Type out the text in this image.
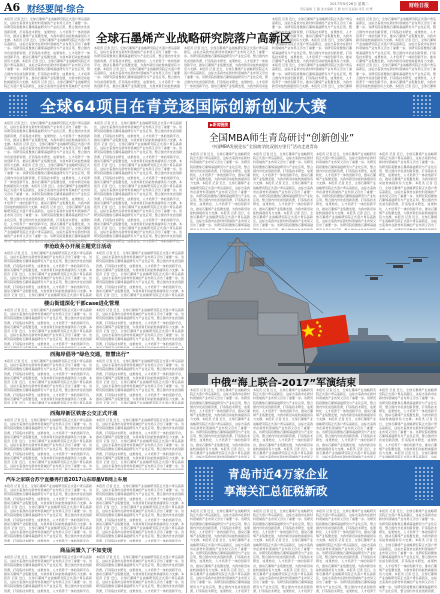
A6 财经要闻·综合
2017年9月26日 星期二
责任编辑 王 璐 美术编辑 王 静 校对 张丽丽 审签 刘 博	财经日报
本报讯 记者 近日，全球石墨烯产业战略研究院正式落户青岛高新区，这标志着我市在新材料领域的产业布局又迈出了重要一步。该研究院将聚焦石墨烯基础研究与产业化应用，整合国内外优质创新资源，打造集技术研发、成果转化、人才培养于一体的创新平台，推动石墨烯产业集聚发展，为我市新旧动能转换提供有力支撑。本报讯 记者 近日，全球石墨烯产业战略研究院正式落户青岛高新区，这标志着我市在新材料领域的产业布局又迈出了重要一步。该研究院将聚焦石墨烯基础研究与产业化应用，整合国内外优质创新资源，打造集技术研发、成果转化、人才培养于一体的创新平台，推动石墨烯产业集聚发展，为我市新旧动能转换提供有力支撑。本报讯 记者 近日，全球石墨烯产业战略研究院正式落户青岛高新区，这标志着我市在新材料领域的产业布局又迈出了重要一步。该研究院将聚焦石墨烯基础研究与产业化应用，整合国内外优质创新资源，打造集技术研发、成果转化、人才培养于一体的创新平台，推动石墨烯产业集聚发展，为我市新旧动能转换提供有力支撑。本报讯 记者 近日，全球石墨烯产业战略研究院正式落户青岛高新区，这标志着我市在新材料领域的产业布局又迈出了重要一步。该研究院将聚焦石墨烯基础研究与产业化应用，整合国内外优质创新资源，打造集技术研发、成果转化、人才培养于一体的创新平台，推动石墨烯产业集聚发展，为我市新旧动能转换提供有力支撑。本报讯 记者 近日，全球石墨烯产业战略研究院正式落户青岛高新区，这标志着我市在新材料领域的产业布局又迈出了重要一步。该研究院将聚焦石墨烯基础研究与产业化应用，整合国内外优质创新资源，打造集技术研发、成果转化、人才培养于一体的创新平台，推动石墨烯产业集聚发展，为我市新旧动能转换提供有力支撑。本报讯 记者 近日，全球石墨烯产业战略研究院正式落户青岛高新区，这标志着我市在新材料领域的产业布局又迈出了重要一步。该研究院将聚焦石墨烯基础研究与产业化应用，整合国内外优质创新资源，打造集技术研发、成果转化、人才培养于一体的创新平台，推动石墨烯产业集聚发展，为我市新旧动能转换提供有力支撑。
本报讯 记者 近日，全球石墨烯产业战略研究院正式落户青岛高新区，这标志着我市在新材料领域的产业布局又迈出了重要一步。该研究院将聚焦石墨烯基础研究与产业化应用，整合国内外优质创新资源，打造集技术研发、成果转化、人才培养于一体的创新平台，推动石墨烯产业集聚发展，为我市新旧动能转换提供有力支撑。本报讯 记者 近日，全球石墨烯产业战略研究院正式落户青岛高新区，这标志着我市在新材料领域的产业布局又迈出了重要一步。该研究院将聚焦石墨烯基础研究与产业化应用，整合国内外优质创新资源，打造集技术研发、成果转化、人才培养于一体的创新平台，推动石墨烯产业集聚发展，为我市新旧动能转换提供有力支撑。本报讯 记者 近日，全球石墨烯产业战略研究院正式落户青岛高新区，这标志着我市在新材料领域的产业布局又迈出了重要一步。该研究院将聚焦石墨烯基础研究与产业化应用，整合国内外优质创新资源，打造集技术研发、成果转化、人才培养于一体的创新平台，推动石墨烯产业集聚发展，为我市新旧动能转换提供有力支撑。本报讯 记者 近日，全球石墨烯产业战略研究院正式落户青岛高新区，这标志着我市在新材料领域的产业布局又迈出了重要一步。该研究院将聚焦石墨烯基础研究与产业化应用，整合国内外优质创新资源，打造集技术研发、成果转化、人才培养于一体的创新平台，推动石墨烯产业集聚发展，为我市新旧动能转换提供有力支撑。本报讯 记者 近日，全球石墨烯产业战略研究院正式落户青岛高新区，这标志着我市在新材料领域的产业布局又迈出了重要一步。该研究院将聚焦石墨烯基础研究与产业化应用，整合国内外优质创新资源，打造集技术研发、成果转化、人才培养于一体的创新平台，推动石墨烯产业集聚发展，为我市新旧动能转换提供有力支撑。本报讯 记者 近日，全球石墨烯产业战略研究院正式落户青岛高新区，这标志着我市在新材料领域的产业布局又迈出了重要一步。该研究院将聚焦石墨烯基础研究与产业化应用，整合国内外优质创新资源，打造集技术研发、成果转化、人才培养于一体的创新平台，推动石墨烯产业集聚发展，为我市新旧动能转换提供有力支撑。
本报讯 记者 近日，全球石墨烯产业战略研究院正式落户青岛高新区，这标志着我市在新材料领域的产业布局又迈出了重要一步。该研究院将聚焦石墨烯基础研究与产业化应用，整合国内外优质创新资源，打造集技术研发、成果转化、人才培养于一体的创新平台，推动石墨烯产业集聚发展，为我市新旧动能转换提供有力支撑。本报讯 记者 近日，全球石墨烯产业战略研究院正式落户青岛高新区，这标志着我市在新材料领域的产业布局又迈出了重要一步。该研究院将聚焦石墨烯基础研究与产业化应用，整合国内外优质创新资源，打造集技术研发、成果转化、人才培养于一体的创新平台，推动石墨烯产业集聚发展，为我市新旧动能转换提供有力支撑。本报讯 记者 近日，全球石墨烯产业战略研究院正式落户青岛高新区，这标志着我市在新材料领域的产业布局又迈出了重要一步。该研究院将聚焦石墨烯基础研究与产业化应用，整合国内外优质创新资源，打造集技术研发、成果转化、人才培养于一体的创新平台，推动石墨烯产业集聚发展，为我市新旧动能转换提供有力支撑。本报讯 记者 近日，全球石墨烯产业战略研究院正式落户青岛高新区，这标志着我市在新材料领域的产业布局又迈出了重要一步。该研究院将聚焦石墨烯基础研究与产业化应用，整合国内外优质创新资源，打造集技术研发、成果转化、人才培养于一体的创新平台，推动石墨烯产业集聚发展，为我市新旧动能转换提供有力支撑。本报讯 记者 近日，全球石墨烯产业战略研究院正式落户青岛高新区，这标志着我市在新材料领域的产业布局又迈出了重要一步。该研究院将聚焦石墨烯基础研究与产业化应用，整合国内外优质创新资源，打造集技术研发、成果转化、人才培养于一体的创新平台，推动石墨烯产业集聚发展，为我市新旧动能转换提供有力支撑。本报讯 记者 近日，全球石墨烯产业战略研究院正式落户青岛高新区，这标志着我市在新材料领域的产业布局又迈出了重要一步。该研究院将聚焦石墨烯基础研究与产业化应用，整合国内外优质创新资源，打造集技术研发、成果转化、人才培养于一体的创新平台，推动石墨烯产业集聚发展，为我市新旧动能转换提供有力支撑。
本报讯 记者 近日，全球石墨烯产业战略研究院正式落户青岛高新区，这标志着我市在新材料领域的产业布局又迈出了重要一步。该研究院将聚焦石墨烯基础研究与产业化应用，整合国内外优质创新资源，打造集技术研发、成果转化、人才培养于一体的创新平台，推动石墨烯产业集聚发展，为我市新旧动能转换提供有力支撑。本报讯 记者 近日，全球石墨烯产业战略研究院正式落户青岛高新区，这标志着我市在新材料领域的产业布局又迈出了重要一步。该研究院将聚焦石墨烯基础研究与产业化应用，整合国内外优质创新资源，打造集技术研发、成果转化、人才培养于一体的创新平台，推动石墨烯产业集聚发展，为我市新旧动能转换提供有力支撑。本报讯 记者 近日，全球石墨烯产业战略研究院正式落户青岛高新区，这标志着我市在新材料领域的产业布局又迈出了重要一步。该研究院将聚焦石墨烯基础研究与产业化应用，整合国内外优质创新资源，打造集技术研发、成果转化、人才培养于一体的创新平台，推动石墨烯产业集聚发展，为我市新旧动能转换提供有力支撑。本报讯 记者 近日，全球石墨烯产业战略研究院正式落户青岛高新区，这标志着我市在新材料领域的产业布局又迈出了重要一步。该研究院将聚焦石墨烯基础研究与产业化应用，整合国内外优质创新资源，打造集技术研发、成果转化、人才培养于一体的创新平台，推动石墨烯产业集聚发展，为我市新旧动能转换提供有力支撑。本报讯 记者 近日，全球石墨烯产业战略研究院正式落户青岛高新区，这标志着我市在新材料领域的产业布局又迈出了重要一步。该研究院将聚焦石墨烯基础研究与产业化应用，整合国内外优质创新资源，打造集技术研发、成果转化、人才培养于一体的创新平台，推动石墨烯产业集聚发展，为我市新旧动能转换提供有力支撑。本报讯 记者 近日，全球石墨烯产业战略研究院正式落户青岛高新区，这标志着我市在新材料领域的产业布局又迈出了重要一步。该研究院将聚焦石墨烯基础研究与产业化应用，整合国内外优质创新资源，打造集技术研发、成果转化、人才培养于一体的创新平台，推动石墨烯产业集聚发展，为我市新旧动能转换提供有力支撑。
本报讯 记者 近日，全球石墨烯产业战略研究院正式落户青岛高新区，这标志着我市在新材料领域的产业布局又迈出了重要一步。该研究院将聚焦石墨烯基础研究与产业化应用，整合国内外优质创新资源，打造集技术研发、成果转化、人才培养于一体的创新平台，推动石墨烯产业集聚发展，为我市新旧动能转换提供有力支撑。本报讯 记者 近日，全球石墨烯产业战略研究院正式落户青岛高新区，这标志着我市在新材料领域的产业布局又迈出了重要一步。该研究院将聚焦石墨烯基础研究与产业化应用，整合国内外优质创新资源，打造集技术研发、成果转化、人才培养于一体的创新平台，推动石墨烯产业集聚发展，为我市新旧动能转换提供有力支撑。本报讯 记者 近日，全球石墨烯产业战略研究院正式落户青岛高新区，这标志着我市在新材料领域的产业布局又迈出了重要一步。该研究院将聚焦石墨烯基础研究与产业化应用，整合国内外优质创新资源，打造集技术研发、成果转化、人才培养于一体的创新平台，推动石墨烯产业集聚发展，为我市新旧动能转换提供有力支撑。本报讯 记者 近日，全球石墨烯产业战略研究院正式落户青岛高新区，这标志着我市在新材料领域的产业布局又迈出了重要一步。该研究院将聚焦石墨烯基础研究与产业化应用，整合国内外优质创新资源，打造集技术研发、成果转化、人才培养于一体的创新平台，推动石墨烯产业集聚发展，为我市新旧动能转换提供有力支撑。本报讯 记者 近日，全球石墨烯产业战略研究院正式落户青岛高新区，这标志着我市在新材料领域的产业布局又迈出了重要一步。该研究院将聚焦石墨烯基础研究与产业化应用，整合国内外优质创新资源，打造集技术研发、成果转化、人才培养于一体的创新平台，推动石墨烯产业集聚发展，为我市新旧动能转换提供有力支撑。本报讯 记者 近日，全球石墨烯产业战略研究院正式落户青岛高新区，这标志着我市在新材料领域的产业布局又迈出了重要一步。该研究院将聚焦石墨烯基础研究与产业化应用，整合国内外优质创新资源，打造集技术研发、成果转化、人才培养于一体的创新平台，推动石墨烯产业集聚发展，为我市新旧动能转换提供有力支撑。
全球石墨烯产业战略研究院落户高新区
全球64项目在青竞逐国际创新创业大赛
本报讯 记者 近日，全球石墨烯产业战略研究院正式落户青岛高新区，这标志着我市在新材料领域的产业布局又迈出了重要一步。该研究院将聚焦石墨烯基础研究与产业化应用，整合国内外优质创新资源，打造集技术研发、成果转化、人才培养于一体的创新平台，推动石墨烯产业集聚发展，为我市新旧动能转换提供有力支撑。本报讯 记者 近日，全球石墨烯产业战略研究院正式落户青岛高新区，这标志着我市在新材料领域的产业布局又迈出了重要一步。该研究院将聚焦石墨烯基础研究与产业化应用，整合国内外优质创新资源，打造集技术研发、成果转化、人才培养于一体的创新平台，推动石墨烯产业集聚发展，为我市新旧动能转换提供有力支撑。本报讯 记者 近日，全球石墨烯产业战略研究院正式落户青岛高新区，这标志着我市在新材料领域的产业布局又迈出了重要一步。该研究院将聚焦石墨烯基础研究与产业化应用，整合国内外优质创新资源，打造集技术研发、成果转化、人才培养于一体的创新平台，推动石墨烯产业集聚发展，为我市新旧动能转换提供有力支撑。本报讯 记者 近日，全球石墨烯产业战略研究院正式落户青岛高新区，这标志着我市在新材料领域的产业布局又迈出了重要一步。该研究院将聚焦石墨烯基础研究与产业化应用，整合国内外优质创新资源，打造集技术研发、成果转化、人才培养于一体的创新平台，推动石墨烯产业集聚发展，为我市新旧动能转换提供有力支撑。本报讯 记者 近日，全球石墨烯产业战略研究院正式落户青岛高新区，这标志着我市在新材料领域的产业布局又迈出了重要一步。该研究院将聚焦石墨烯基础研究与产业化应用，整合国内外优质创新资源，打造集技术研发、成果转化、人才培养于一体的创新平台，推动石墨烯产业集聚发展，为我市新旧动能转换提供有力支撑。本报讯 记者 近日，全球石墨烯产业战略研究院正式落户青岛高新区，这标志着我市在新材料领域的产业布局又迈出了重要一步。该研究院将聚焦石墨烯基础研究与产业化应用，整合国内外优质创新资源，打造集技术研发、成果转化、人才培养于一体的创新平台，推动石墨烯产业集聚发展，为我市新旧动能转换提供有力支撑。
本报讯 记者 近日，全球石墨烯产业战略研究院正式落户青岛高新区，这标志着我市在新材料领域的产业布局又迈出了重要一步。该研究院将聚焦石墨烯基础研究与产业化应用，整合国内外优质创新资源，打造集技术研发、成果转化、人才培养于一体的创新平台，推动石墨烯产业集聚发展，为我市新旧动能转换提供有力支撑。本报讯 记者 近日，全球石墨烯产业战略研究院正式落户青岛高新区，这标志着我市在新材料领域的产业布局又迈出了重要一步。该研究院将聚焦石墨烯基础研究与产业化应用，整合国内外优质创新资源，打造集技术研发、成果转化、人才培养于一体的创新平台，推动石墨烯产业集聚发展，为我市新旧动能转换提供有力支撑。本报讯 记者 近日，全球石墨烯产业战略研究院正式落户青岛高新区，这标志着我市在新材料领域的产业布局又迈出了重要一步。该研究院将聚焦石墨烯基础研究与产业化应用，整合国内外优质创新资源，打造集技术研发、成果转化、人才培养于一体的创新平台，推动石墨烯产业集聚发展，为我市新旧动能转换提供有力支撑。本报讯 记者 近日，全球石墨烯产业战略研究院正式落户青岛高新区，这标志着我市在新材料领域的产业布局又迈出了重要一步。该研究院将聚焦石墨烯基础研究与产业化应用，整合国内外优质创新资源，打造集技术研发、成果转化、人才培养于一体的创新平台，推动石墨烯产业集聚发展，为我市新旧动能转换提供有力支撑。本报讯 记者 近日，全球石墨烯产业战略研究院正式落户青岛高新区，这标志着我市在新材料领域的产业布局又迈出了重要一步。该研究院将聚焦石墨烯基础研究与产业化应用，整合国内外优质创新资源，打造集技术研发、成果转化、人才培养于一体的创新平台，推动石墨烯产业集聚发展，为我市新旧动能转换提供有力支撑。本报讯 记者 近日，全球石墨烯产业战略研究院正式落户青岛高新区，这标志着我市在新材料领域的产业布局又迈出了重要一步。该研究院将聚焦石墨烯基础研究与产业化应用，整合国内外优质创新资源，打造集技术研发、成果转化、人才培养于一体的创新平台，推动石墨烯产业集聚发展，为我市新旧动能转换提供有力支撑。
李沧政务办开展主题党日活动
本报讯 记者 近日，全球石墨烯产业战略研究院正式落户青岛高新区，这标志着我市在新材料领域的产业布局又迈出了重要一步。该研究院将聚焦石墨烯基础研究与产业化应用，整合国内外优质创新资源，打造集技术研发、成果转化、人才培养于一体的创新平台，推动石墨烯产业集聚发展，为我市新旧动能转换提供有力支撑。本报讯 记者 近日，全球石墨烯产业战略研究院正式落户青岛高新区，这标志着我市在新材料领域的产业布局又迈出了重要一步。该研究院将聚焦石墨烯基础研究与产业化应用，整合国内外优质创新资源，打造集技术研发、成果转化、人才培养于一体的创新平台，推动石墨烯产业集聚发展，为我市新旧动能转换提供有力支撑。本报讯 记者 近日，全球石墨烯产业战略研究院正式落户青岛高新区，这标志着我市在新材料领域的产业布局又迈出了重要一步。该研究院将聚焦石墨烯基础研究与产业化应用，整合国内外优质创新资源，打造集技术研发、成果转化、人才培养于一体的创新平台，推动石墨烯产业集聚发展，为我市新旧动能转换提供有力支撑。本报讯 记者 近日，全球石墨烯产业战略研究院正式落户青岛高新区，这标志着我市在新材料领域的产业布局又迈出了重要一步。该研究院将聚焦石墨烯基础研究与产业化应用，整合国内外优质创新资源，打造集技术研发、成果转化、人才培养于一体的创新平台，推动石墨烯产业集聚发展，为我市新旧动能转换提供有力支撑。本报讯 记者 近日，全球石墨烯产业战略研究院正式落户青岛高新区，这标志着我市在新材料领域的产业布局又迈出了重要一步。该研究院将聚焦石墨烯基础研究与产业化应用，整合国内外优质创新资源，打造集技术研发、成果转化、人才培养于一体的创新平台，推动石墨烯产业集聚发展，为我市新旧动能转换提供有力支撑。本报讯 记者 近日，全球石墨烯产业战略研究院正式落户青岛高新区，这标志着我市在新材料领域的产业布局又迈出了重要一步。该研究院将聚焦石墨烯基础研究与产业化应用，整合国内外优质创新资源，打造集技术研发、成果转化、人才培养于一体的创新平台，推动石墨烯产业集聚发展，为我市新旧动能转换提供有力支撑。
本报讯 记者 近日，全球石墨烯产业战略研究院正式落户青岛高新区，这标志着我市在新材料领域的产业布局又迈出了重要一步。该研究院将聚焦石墨烯基础研究与产业化应用，整合国内外优质创新资源，打造集技术研发、成果转化、人才培养于一体的创新平台，推动石墨烯产业集聚发展，为我市新旧动能转换提供有力支撑。本报讯 记者 近日，全球石墨烯产业战略研究院正式落户青岛高新区，这标志着我市在新材料领域的产业布局又迈出了重要一步。该研究院将聚焦石墨烯基础研究与产业化应用，整合国内外优质创新资源，打造集技术研发、成果转化、人才培养于一体的创新平台，推动石墨烯产业集聚发展，为我市新旧动能转换提供有力支撑。本报讯 记者 近日，全球石墨烯产业战略研究院正式落户青岛高新区，这标志着我市在新材料领域的产业布局又迈出了重要一步。该研究院将聚焦石墨烯基础研究与产业化应用，整合国内外优质创新资源，打造集技术研发、成果转化、人才培养于一体的创新平台，推动石墨烯产业集聚发展，为我市新旧动能转换提供有力支撑。本报讯 记者 近日，全球石墨烯产业战略研究院正式落户青岛高新区，这标志着我市在新材料领域的产业布局又迈出了重要一步。该研究院将聚焦石墨烯基础研究与产业化应用，整合国内外优质创新资源，打造集技术研发、成果转化、人才培养于一体的创新平台，推动石墨烯产业集聚发展，为我市新旧动能转换提供有力支撑。本报讯 记者 近日，全球石墨烯产业战略研究院正式落户青岛高新区，这标志着我市在新材料领域的产业布局又迈出了重要一步。该研究院将聚焦石墨烯基础研究与产业化应用，整合国内外优质创新资源，打造集技术研发、成果转化、人才培养于一体的创新平台，推动石墨烯产业集聚发展，为我市新旧动能转换提供有力支撑。本报讯 记者 近日，全球石墨烯产业战略研究院正式落户青岛高新区，这标志着我市在新材料领域的产业布局又迈出了重要一步。该研究院将聚焦石墨烯基础研究与产业化应用，整合国内外优质创新资源，打造集技术研发、成果转化、人才培养于一体的创新平台，推动石墨烯产业集聚发展，为我市新旧动能转换提供有力支撑。
楼山街道深化干部case进化管理
本报讯 记者 近日，全球石墨烯产业战略研究院正式落户青岛高新区，这标志着我市在新材料领域的产业布局又迈出了重要一步。该研究院将聚焦石墨烯基础研究与产业化应用，整合国内外优质创新资源，打造集技术研发、成果转化、人才培养于一体的创新平台，推动石墨烯产业集聚发展，为我市新旧动能转换提供有力支撑。本报讯 记者 近日，全球石墨烯产业战略研究院正式落户青岛高新区，这标志着我市在新材料领域的产业布局又迈出了重要一步。该研究院将聚焦石墨烯基础研究与产业化应用，整合国内外优质创新资源，打造集技术研发、成果转化、人才培养于一体的创新平台，推动石墨烯产业集聚发展，为我市新旧动能转换提供有力支撑。本报讯 记者 近日，全球石墨烯产业战略研究院正式落户青岛高新区，这标志着我市在新材料领域的产业布局又迈出了重要一步。该研究院将聚焦石墨烯基础研究与产业化应用，整合国内外优质创新资源，打造集技术研发、成果转化、人才培养于一体的创新平台，推动石墨烯产业集聚发展，为我市新旧动能转换提供有力支撑。本报讯 记者 近日，全球石墨烯产业战略研究院正式落户青岛高新区，这标志着我市在新材料领域的产业布局又迈出了重要一步。该研究院将聚焦石墨烯基础研究与产业化应用，整合国内外优质创新资源，打造集技术研发、成果转化、人才培养于一体的创新平台，推动石墨烯产业集聚发展，为我市新旧动能转换提供有力支撑。本报讯 记者 近日，全球石墨烯产业战略研究院正式落户青岛高新区，这标志着我市在新材料领域的产业布局又迈出了重要一步。该研究院将聚焦石墨烯基础研究与产业化应用，整合国内外优质创新资源，打造集技术研发、成果转化、人才培养于一体的创新平台，推动石墨烯产业集聚发展，为我市新旧动能转换提供有力支撑。本报讯 记者 近日，全球石墨烯产业战略研究院正式落户青岛高新区，这标志着我市在新材料领域的产业布局又迈出了重要一步。该研究院将聚焦石墨烯基础研究与产业化应用，整合国内外优质创新资源，打造集技术研发、成果转化、人才培养于一体的创新平台，推动石墨烯产业集聚发展，为我市新旧动能转换提供有力支撑。
本报讯 记者 近日，全球石墨烯产业战略研究院正式落户青岛高新区，这标志着我市在新材料领域的产业布局又迈出了重要一步。该研究院将聚焦石墨烯基础研究与产业化应用，整合国内外优质创新资源，打造集技术研发、成果转化、人才培养于一体的创新平台，推动石墨烯产业集聚发展，为我市新旧动能转换提供有力支撑。本报讯 记者 近日，全球石墨烯产业战略研究院正式落户青岛高新区，这标志着我市在新材料领域的产业布局又迈出了重要一步。该研究院将聚焦石墨烯基础研究与产业化应用，整合国内外优质创新资源，打造集技术研发、成果转化、人才培养于一体的创新平台，推动石墨烯产业集聚发展，为我市新旧动能转换提供有力支撑。本报讯 记者 近日，全球石墨烯产业战略研究院正式落户青岛高新区，这标志着我市在新材料领域的产业布局又迈出了重要一步。该研究院将聚焦石墨烯基础研究与产业化应用，整合国内外优质创新资源，打造集技术研发、成果转化、人才培养于一体的创新平台，推动石墨烯产业集聚发展，为我市新旧动能转换提供有力支撑。本报讯 记者 近日，全球石墨烯产业战略研究院正式落户青岛高新区，这标志着我市在新材料领域的产业布局又迈出了重要一步。该研究院将聚焦石墨烯基础研究与产业化应用，整合国内外优质创新资源，打造集技术研发、成果转化、人才培养于一体的创新平台，推动石墨烯产业集聚发展，为我市新旧动能转换提供有力支撑。本报讯 记者 近日，全球石墨烯产业战略研究院正式落户青岛高新区，这标志着我市在新材料领域的产业布局又迈出了重要一步。该研究院将聚焦石墨烯基础研究与产业化应用，整合国内外优质创新资源，打造集技术研发、成果转化、人才培养于一体的创新平台，推动石墨烯产业集聚发展，为我市新旧动能转换提供有力支撑。本报讯 记者 近日，全球石墨烯产业战略研究院正式落户青岛高新区，这标志着我市在新材料领域的产业布局又迈出了重要一步。该研究院将聚焦石墨烯基础研究与产业化应用，整合国内外优质创新资源，打造集技术研发、成果转化、人才培养于一体的创新平台，推动石墨烯产业集聚发展，为我市新旧动能转换提供有力支撑。
西海岸倡导“绿色交通，智慧出行”
本报讯 记者 近日，全球石墨烯产业战略研究院正式落户青岛高新区，这标志着我市在新材料领域的产业布局又迈出了重要一步。该研究院将聚焦石墨烯基础研究与产业化应用，整合国内外优质创新资源，打造集技术研发、成果转化、人才培养于一体的创新平台，推动石墨烯产业集聚发展，为我市新旧动能转换提供有力支撑。本报讯 记者 近日，全球石墨烯产业战略研究院正式落户青岛高新区，这标志着我市在新材料领域的产业布局又迈出了重要一步。该研究院将聚焦石墨烯基础研究与产业化应用，整合国内外优质创新资源，打造集技术研发、成果转化、人才培养于一体的创新平台，推动石墨烯产业集聚发展，为我市新旧动能转换提供有力支撑。本报讯 记者 近日，全球石墨烯产业战略研究院正式落户青岛高新区，这标志着我市在新材料领域的产业布局又迈出了重要一步。该研究院将聚焦石墨烯基础研究与产业化应用，整合国内外优质创新资源，打造集技术研发、成果转化、人才培养于一体的创新平台，推动石墨烯产业集聚发展，为我市新旧动能转换提供有力支撑。本报讯 记者 近日，全球石墨烯产业战略研究院正式落户青岛高新区，这标志着我市在新材料领域的产业布局又迈出了重要一步。该研究院将聚焦石墨烯基础研究与产业化应用，整合国内外优质创新资源，打造集技术研发、成果转化、人才培养于一体的创新平台，推动石墨烯产业集聚发展，为我市新旧动能转换提供有力支撑。本报讯 记者 近日，全球石墨烯产业战略研究院正式落户青岛高新区，这标志着我市在新材料领域的产业布局又迈出了重要一步。该研究院将聚焦石墨烯基础研究与产业化应用，整合国内外优质创新资源，打造集技术研发、成果转化、人才培养于一体的创新平台，推动石墨烯产业集聚发展，为我市新旧动能转换提供有力支撑。本报讯 记者 近日，全球石墨烯产业战略研究院正式落户青岛高新区，这标志着我市在新材料领域的产业布局又迈出了重要一步。该研究院将聚焦石墨烯基础研究与产业化应用，整合国内外优质创新资源，打造集技术研发、成果转化、人才培养于一体的创新平台，推动石墨烯产业集聚发展，为我市新旧动能转换提供有力支撑。
本报讯 记者 近日，全球石墨烯产业战略研究院正式落户青岛高新区，这标志着我市在新材料领域的产业布局又迈出了重要一步。该研究院将聚焦石墨烯基础研究与产业化应用，整合国内外优质创新资源，打造集技术研发、成果转化、人才培养于一体的创新平台，推动石墨烯产业集聚发展，为我市新旧动能转换提供有力支撑。本报讯 记者 近日，全球石墨烯产业战略研究院正式落户青岛高新区，这标志着我市在新材料领域的产业布局又迈出了重要一步。该研究院将聚焦石墨烯基础研究与产业化应用，整合国内外优质创新资源，打造集技术研发、成果转化、人才培养于一体的创新平台，推动石墨烯产业集聚发展，为我市新旧动能转换提供有力支撑。本报讯 记者 近日，全球石墨烯产业战略研究院正式落户青岛高新区，这标志着我市在新材料领域的产业布局又迈出了重要一步。该研究院将聚焦石墨烯基础研究与产业化应用，整合国内外优质创新资源，打造集技术研发、成果转化、人才培养于一体的创新平台，推动石墨烯产业集聚发展，为我市新旧动能转换提供有力支撑。本报讯 记者 近日，全球石墨烯产业战略研究院正式落户青岛高新区，这标志着我市在新材料领域的产业布局又迈出了重要一步。该研究院将聚焦石墨烯基础研究与产业化应用，整合国内外优质创新资源，打造集技术研发、成果转化、人才培养于一体的创新平台，推动石墨烯产业集聚发展，为我市新旧动能转换提供有力支撑。本报讯 记者 近日，全球石墨烯产业战略研究院正式落户青岛高新区，这标志着我市在新材料领域的产业布局又迈出了重要一步。该研究院将聚焦石墨烯基础研究与产业化应用，整合国内外优质创新资源，打造集技术研发、成果转化、人才培养于一体的创新平台，推动石墨烯产业集聚发展，为我市新旧动能转换提供有力支撑。本报讯 记者 近日，全球石墨烯产业战略研究院正式落户青岛高新区，这标志着我市在新材料领域的产业布局又迈出了重要一步。该研究院将聚焦石墨烯基础研究与产业化应用，整合国内外优质创新资源，打造集技术研发、成果转化、人才培养于一体的创新平台，推动石墨烯产业集聚发展，为我市新旧动能转换提供有力支撑。
西海岸新区铁客公交正式开通
本报讯 记者 近日，全球石墨烯产业战略研究院正式落户青岛高新区，这标志着我市在新材料领域的产业布局又迈出了重要一步。该研究院将聚焦石墨烯基础研究与产业化应用，整合国内外优质创新资源，打造集技术研发、成果转化、人才培养于一体的创新平台，推动石墨烯产业集聚发展，为我市新旧动能转换提供有力支撑。本报讯 记者 近日，全球石墨烯产业战略研究院正式落户青岛高新区，这标志着我市在新材料领域的产业布局又迈出了重要一步。该研究院将聚焦石墨烯基础研究与产业化应用，整合国内外优质创新资源，打造集技术研发、成果转化、人才培养于一体的创新平台，推动石墨烯产业集聚发展，为我市新旧动能转换提供有力支撑。本报讯 记者 近日，全球石墨烯产业战略研究院正式落户青岛高新区，这标志着我市在新材料领域的产业布局又迈出了重要一步。该研究院将聚焦石墨烯基础研究与产业化应用，整合国内外优质创新资源，打造集技术研发、成果转化、人才培养于一体的创新平台，推动石墨烯产业集聚发展，为我市新旧动能转换提供有力支撑。本报讯 记者 近日，全球石墨烯产业战略研究院正式落户青岛高新区，这标志着我市在新材料领域的产业布局又迈出了重要一步。该研究院将聚焦石墨烯基础研究与产业化应用，整合国内外优质创新资源，打造集技术研发、成果转化、人才培养于一体的创新平台，推动石墨烯产业集聚发展，为我市新旧动能转换提供有力支撑。本报讯 记者 近日，全球石墨烯产业战略研究院正式落户青岛高新区，这标志着我市在新材料领域的产业布局又迈出了重要一步。该研究院将聚焦石墨烯基础研究与产业化应用，整合国内外优质创新资源，打造集技术研发、成果转化、人才培养于一体的创新平台，推动石墨烯产业集聚发展，为我市新旧动能转换提供有力支撑。本报讯 记者 近日，全球石墨烯产业战略研究院正式落户青岛高新区，这标志着我市在新材料领域的产业布局又迈出了重要一步。该研究院将聚焦石墨烯基础研究与产业化应用，整合国内外优质创新资源，打造集技术研发、成果转化、人才培养于一体的创新平台，推动石墨烯产业集聚发展，为我市新旧动能转换提供有力支撑。
本报讯 记者 近日，全球石墨烯产业战略研究院正式落户青岛高新区，这标志着我市在新材料领域的产业布局又迈出了重要一步。该研究院将聚焦石墨烯基础研究与产业化应用，整合国内外优质创新资源，打造集技术研发、成果转化、人才培养于一体的创新平台，推动石墨烯产业集聚发展，为我市新旧动能转换提供有力支撑。本报讯 记者 近日，全球石墨烯产业战略研究院正式落户青岛高新区，这标志着我市在新材料领域的产业布局又迈出了重要一步。该研究院将聚焦石墨烯基础研究与产业化应用，整合国内外优质创新资源，打造集技术研发、成果转化、人才培养于一体的创新平台，推动石墨烯产业集聚发展，为我市新旧动能转换提供有力支撑。本报讯 记者 近日，全球石墨烯产业战略研究院正式落户青岛高新区，这标志着我市在新材料领域的产业布局又迈出了重要一步。该研究院将聚焦石墨烯基础研究与产业化应用，整合国内外优质创新资源，打造集技术研发、成果转化、人才培养于一体的创新平台，推动石墨烯产业集聚发展，为我市新旧动能转换提供有力支撑。本报讯 记者 近日，全球石墨烯产业战略研究院正式落户青岛高新区，这标志着我市在新材料领域的产业布局又迈出了重要一步。该研究院将聚焦石墨烯基础研究与产业化应用，整合国内外优质创新资源，打造集技术研发、成果转化、人才培养于一体的创新平台，推动石墨烯产业集聚发展，为我市新旧动能转换提供有力支撑。本报讯 记者 近日，全球石墨烯产业战略研究院正式落户青岛高新区，这标志着我市在新材料领域的产业布局又迈出了重要一步。该研究院将聚焦石墨烯基础研究与产业化应用，整合国内外优质创新资源，打造集技术研发、成果转化、人才培养于一体的创新平台，推动石墨烯产业集聚发展，为我市新旧动能转换提供有力支撑。本报讯 记者 近日，全球石墨烯产业战略研究院正式落户青岛高新区，这标志着我市在新材料领域的产业布局又迈出了重要一步。该研究院将聚焦石墨烯基础研究与产业化应用，整合国内外优质创新资源，打造集技术研发、成果转化、人才培养于一体的创新平台，推动石墨烯产业集聚发展，为我市新旧动能转换提供有力支撑。
汽车之家联合苏宁直播秀打造2017山东即墨V8网上车展
本报讯 记者 近日，全球石墨烯产业战略研究院正式落户青岛高新区，这标志着我市在新材料领域的产业布局又迈出了重要一步。该研究院将聚焦石墨烯基础研究与产业化应用，整合国内外优质创新资源，打造集技术研发、成果转化、人才培养于一体的创新平台，推动石墨烯产业集聚发展，为我市新旧动能转换提供有力支撑。本报讯 记者 近日，全球石墨烯产业战略研究院正式落户青岛高新区，这标志着我市在新材料领域的产业布局又迈出了重要一步。该研究院将聚焦石墨烯基础研究与产业化应用，整合国内外优质创新资源，打造集技术研发、成果转化、人才培养于一体的创新平台，推动石墨烯产业集聚发展，为我市新旧动能转换提供有力支撑。本报讯 记者 近日，全球石墨烯产业战略研究院正式落户青岛高新区，这标志着我市在新材料领域的产业布局又迈出了重要一步。该研究院将聚焦石墨烯基础研究与产业化应用，整合国内外优质创新资源，打造集技术研发、成果转化、人才培养于一体的创新平台，推动石墨烯产业集聚发展，为我市新旧动能转换提供有力支撑。本报讯 记者 近日，全球石墨烯产业战略研究院正式落户青岛高新区，这标志着我市在新材料领域的产业布局又迈出了重要一步。该研究院将聚焦石墨烯基础研究与产业化应用，整合国内外优质创新资源，打造集技术研发、成果转化、人才培养于一体的创新平台，推动石墨烯产业集聚发展，为我市新旧动能转换提供有力支撑。本报讯 记者 近日，全球石墨烯产业战略研究院正式落户青岛高新区，这标志着我市在新材料领域的产业布局又迈出了重要一步。该研究院将聚焦石墨烯基础研究与产业化应用，整合国内外优质创新资源，打造集技术研发、成果转化、人才培养于一体的创新平台，推动石墨烯产业集聚发展，为我市新旧动能转换提供有力支撑。本报讯 记者 近日，全球石墨烯产业战略研究院正式落户青岛高新区，这标志着我市在新材料领域的产业布局又迈出了重要一步。该研究院将聚焦石墨烯基础研究与产业化应用，整合国内外优质创新资源，打造集技术研发、成果转化、人才培养于一体的创新平台，推动石墨烯产业集聚发展，为我市新旧动能转换提供有力支撑。
本报讯 记者 近日，全球石墨烯产业战略研究院正式落户青岛高新区，这标志着我市在新材料领域的产业布局又迈出了重要一步。该研究院将聚焦石墨烯基础研究与产业化应用，整合国内外优质创新资源，打造集技术研发、成果转化、人才培养于一体的创新平台，推动石墨烯产业集聚发展，为我市新旧动能转换提供有力支撑。本报讯 记者 近日，全球石墨烯产业战略研究院正式落户青岛高新区，这标志着我市在新材料领域的产业布局又迈出了重要一步。该研究院将聚焦石墨烯基础研究与产业化应用，整合国内外优质创新资源，打造集技术研发、成果转化、人才培养于一体的创新平台，推动石墨烯产业集聚发展，为我市新旧动能转换提供有力支撑。本报讯 记者 近日，全球石墨烯产业战略研究院正式落户青岛高新区，这标志着我市在新材料领域的产业布局又迈出了重要一步。该研究院将聚焦石墨烯基础研究与产业化应用，整合国内外优质创新资源，打造集技术研发、成果转化、人才培养于一体的创新平台，推动石墨烯产业集聚发展，为我市新旧动能转换提供有力支撑。本报讯 记者 近日，全球石墨烯产业战略研究院正式落户青岛高新区，这标志着我市在新材料领域的产业布局又迈出了重要一步。该研究院将聚焦石墨烯基础研究与产业化应用，整合国内外优质创新资源，打造集技术研发、成果转化、人才培养于一体的创新平台，推动石墨烯产业集聚发展，为我市新旧动能转换提供有力支撑。本报讯 记者 近日，全球石墨烯产业战略研究院正式落户青岛高新区，这标志着我市在新材料领域的产业布局又迈出了重要一步。该研究院将聚焦石墨烯基础研究与产业化应用，整合国内外优质创新资源，打造集技术研发、成果转化、人才培养于一体的创新平台，推动石墨烯产业集聚发展，为我市新旧动能转换提供有力支撑。本报讯 记者 近日，全球石墨烯产业战略研究院正式落户青岛高新区，这标志着我市在新材料领域的产业布局又迈出了重要一步。该研究院将聚焦石墨烯基础研究与产业化应用，整合国内外优质创新资源，打造集技术研发、成果转化、人才培养于一体的创新平台，推动石墨烯产业集聚发展，为我市新旧动能转换提供有力支撑。
商品闲置久了不如变现
本报讯 记者 近日，全球石墨烯产业战略研究院正式落户青岛高新区，这标志着我市在新材料领域的产业布局又迈出了重要一步。该研究院将聚焦石墨烯基础研究与产业化应用，整合国内外优质创新资源，打造集技术研发、成果转化、人才培养于一体的创新平台，推动石墨烯产业集聚发展，为我市新旧动能转换提供有力支撑。本报讯 记者 近日，全球石墨烯产业战略研究院正式落户青岛高新区，这标志着我市在新材料领域的产业布局又迈出了重要一步。该研究院将聚焦石墨烯基础研究与产业化应用，整合国内外优质创新资源，打造集技术研发、成果转化、人才培养于一体的创新平台，推动石墨烯产业集聚发展，为我市新旧动能转换提供有力支撑。本报讯 记者 近日，全球石墨烯产业战略研究院正式落户青岛高新区，这标志着我市在新材料领域的产业布局又迈出了重要一步。该研究院将聚焦石墨烯基础研究与产业化应用，整合国内外优质创新资源，打造集技术研发、成果转化、人才培养于一体的创新平台，推动石墨烯产业集聚发展，为我市新旧动能转换提供有力支撑。本报讯 记者 近日，全球石墨烯产业战略研究院正式落户青岛高新区，这标志着我市在新材料领域的产业布局又迈出了重要一步。该研究院将聚焦石墨烯基础研究与产业化应用，整合国内外优质创新资源，打造集技术研发、成果转化、人才培养于一体的创新平台，推动石墨烯产业集聚发展，为我市新旧动能转换提供有力支撑。本报讯 记者 近日，全球石墨烯产业战略研究院正式落户青岛高新区，这标志着我市在新材料领域的产业布局又迈出了重要一步。该研究院将聚焦石墨烯基础研究与产业化应用，整合国内外优质创新资源，打造集技术研发、成果转化、人才培养于一体的创新平台，推动石墨烯产业集聚发展，为我市新旧动能转换提供有力支撑。本报讯 记者 近日，全球石墨烯产业战略研究院正式落户青岛高新区，这标志着我市在新材料领域的产业布局又迈出了重要一步。该研究院将聚焦石墨烯基础研究与产业化应用，整合国内外优质创新资源，打造集技术研发、成果转化、人才培养于一体的创新平台，推动石墨烯产业集聚发展，为我市新旧动能转换提供有力支撑。
本报讯 记者 近日，全球石墨烯产业战略研究院正式落户青岛高新区，这标志着我市在新材料领域的产业布局又迈出了重要一步。该研究院将聚焦石墨烯基础研究与产业化应用，整合国内外优质创新资源，打造集技术研发、成果转化、人才培养于一体的创新平台，推动石墨烯产业集聚发展，为我市新旧动能转换提供有力支撑。本报讯 记者 近日，全球石墨烯产业战略研究院正式落户青岛高新区，这标志着我市在新材料领域的产业布局又迈出了重要一步。该研究院将聚焦石墨烯基础研究与产业化应用，整合国内外优质创新资源，打造集技术研发、成果转化、人才培养于一体的创新平台，推动石墨烯产业集聚发展，为我市新旧动能转换提供有力支撑。本报讯 记者 近日，全球石墨烯产业战略研究院正式落户青岛高新区，这标志着我市在新材料领域的产业布局又迈出了重要一步。该研究院将聚焦石墨烯基础研究与产业化应用，整合国内外优质创新资源，打造集技术研发、成果转化、人才培养于一体的创新平台，推动石墨烯产业集聚发展，为我市新旧动能转换提供有力支撑。本报讯 记者 近日，全球石墨烯产业战略研究院正式落户青岛高新区，这标志着我市在新材料领域的产业布局又迈出了重要一步。该研究院将聚焦石墨烯基础研究与产业化应用，整合国内外优质创新资源，打造集技术研发、成果转化、人才培养于一体的创新平台，推动石墨烯产业集聚发展，为我市新旧动能转换提供有力支撑。本报讯 记者 近日，全球石墨烯产业战略研究院正式落户青岛高新区，这标志着我市在新材料领域的产业布局又迈出了重要一步。该研究院将聚焦石墨烯基础研究与产业化应用，整合国内外优质创新资源，打造集技术研发、成果转化、人才培养于一体的创新平台，推动石墨烯产业集聚发展，为我市新旧动能转换提供有力支撑。本报讯 记者 近日，全球石墨烯产业战略研究院正式落户青岛高新区，这标志着我市在新材料领域的产业布局又迈出了重要一步。该研究院将聚焦石墨烯基础研究与产业化应用，整合国内外优质创新资源，打造集技术研发、成果转化、人才培养于一体的创新平台，推动石墨烯产业集聚发展，为我市新旧动能转换提供有力支撑。
▶新闻链接
全国MBA师生青岛研讨“创新创业”
中国MBA发展论坛“全国商学院双创万里行”活动走进青岛
本报讯 记者 近日，全球石墨烯产业战略研究院正式落户青岛高新区，这标志着我市在新材料领域的产业布局又迈出了重要一步。该研究院将聚焦石墨烯基础研究与产业化应用，整合国内外优质创新资源，打造集技术研发、成果转化、人才培养于一体的创新平台，推动石墨烯产业集聚发展，为我市新旧动能转换提供有力支撑。本报讯 记者 近日，全球石墨烯产业战略研究院正式落户青岛高新区，这标志着我市在新材料领域的产业布局又迈出了重要一步。该研究院将聚焦石墨烯基础研究与产业化应用，整合国内外优质创新资源，打造集技术研发、成果转化、人才培养于一体的创新平台，推动石墨烯产业集聚发展，为我市新旧动能转换提供有力支撑。本报讯 记者 近日，全球石墨烯产业战略研究院正式落户青岛高新区，这标志着我市在新材料领域的产业布局又迈出了重要一步。该研究院将聚焦石墨烯基础研究与产业化应用，整合国内外优质创新资源，打造集技术研发、成果转化、人才培养于一体的创新平台，推动石墨烯产业集聚发展，为我市新旧动能转换提供有力支撑。本报讯 记者 近日，全球石墨烯产业战略研究院正式落户青岛高新区，这标志着我市在新材料领域的产业布局又迈出了重要一步。该研究院将聚焦石墨烯基础研究与产业化应用，整合国内外优质创新资源，打造集技术研发、成果转化、人才培养于一体的创新平台，推动石墨烯产业集聚发展，为我市新旧动能转换提供有力支撑。本报讯 记者 近日，全球石墨烯产业战略研究院正式落户青岛高新区，这标志着我市在新材料领域的产业布局又迈出了重要一步。该研究院将聚焦石墨烯基础研究与产业化应用，整合国内外优质创新资源，打造集技术研发、成果转化、人才培养于一体的创新平台，推动石墨烯产业集聚发展，为我市新旧动能转换提供有力支撑。本报讯 记者 近日，全球石墨烯产业战略研究院正式落户青岛高新区，这标志着我市在新材料领域的产业布局又迈出了重要一步。该研究院将聚焦石墨烯基础研究与产业化应用，整合国内外优质创新资源，打造集技术研发、成果转化、人才培养于一体的创新平台，推动石墨烯产业集聚发展，为我市新旧动能转换提供有力支撑。
本报讯 记者 近日，全球石墨烯产业战略研究院正式落户青岛高新区，这标志着我市在新材料领域的产业布局又迈出了重要一步。该研究院将聚焦石墨烯基础研究与产业化应用，整合国内外优质创新资源，打造集技术研发、成果转化、人才培养于一体的创新平台，推动石墨烯产业集聚发展，为我市新旧动能转换提供有力支撑。本报讯 记者 近日，全球石墨烯产业战略研究院正式落户青岛高新区，这标志着我市在新材料领域的产业布局又迈出了重要一步。该研究院将聚焦石墨烯基础研究与产业化应用，整合国内外优质创新资源，打造集技术研发、成果转化、人才培养于一体的创新平台，推动石墨烯产业集聚发展，为我市新旧动能转换提供有力支撑。本报讯 记者 近日，全球石墨烯产业战略研究院正式落户青岛高新区，这标志着我市在新材料领域的产业布局又迈出了重要一步。该研究院将聚焦石墨烯基础研究与产业化应用，整合国内外优质创新资源，打造集技术研发、成果转化、人才培养于一体的创新平台，推动石墨烯产业集聚发展，为我市新旧动能转换提供有力支撑。本报讯 记者 近日，全球石墨烯产业战略研究院正式落户青岛高新区，这标志着我市在新材料领域的产业布局又迈出了重要一步。该研究院将聚焦石墨烯基础研究与产业化应用，整合国内外优质创新资源，打造集技术研发、成果转化、人才培养于一体的创新平台，推动石墨烯产业集聚发展，为我市新旧动能转换提供有力支撑。本报讯 记者 近日，全球石墨烯产业战略研究院正式落户青岛高新区，这标志着我市在新材料领域的产业布局又迈出了重要一步。该研究院将聚焦石墨烯基础研究与产业化应用，整合国内外优质创新资源，打造集技术研发、成果转化、人才培养于一体的创新平台，推动石墨烯产业集聚发展，为我市新旧动能转换提供有力支撑。本报讯 记者 近日，全球石墨烯产业战略研究院正式落户青岛高新区，这标志着我市在新材料领域的产业布局又迈出了重要一步。该研究院将聚焦石墨烯基础研究与产业化应用，整合国内外优质创新资源，打造集技术研发、成果转化、人才培养于一体的创新平台，推动石墨烯产业集聚发展，为我市新旧动能转换提供有力支撑。
本报讯 记者 近日，全球石墨烯产业战略研究院正式落户青岛高新区，这标志着我市在新材料领域的产业布局又迈出了重要一步。该研究院将聚焦石墨烯基础研究与产业化应用，整合国内外优质创新资源，打造集技术研发、成果转化、人才培养于一体的创新平台，推动石墨烯产业集聚发展，为我市新旧动能转换提供有力支撑。本报讯 记者 近日，全球石墨烯产业战略研究院正式落户青岛高新区，这标志着我市在新材料领域的产业布局又迈出了重要一步。该研究院将聚焦石墨烯基础研究与产业化应用，整合国内外优质创新资源，打造集技术研发、成果转化、人才培养于一体的创新平台，推动石墨烯产业集聚发展，为我市新旧动能转换提供有力支撑。本报讯 记者 近日，全球石墨烯产业战略研究院正式落户青岛高新区，这标志着我市在新材料领域的产业布局又迈出了重要一步。该研究院将聚焦石墨烯基础研究与产业化应用，整合国内外优质创新资源，打造集技术研发、成果转化、人才培养于一体的创新平台，推动石墨烯产业集聚发展，为我市新旧动能转换提供有力支撑。本报讯 记者 近日，全球石墨烯产业战略研究院正式落户青岛高新区，这标志着我市在新材料领域的产业布局又迈出了重要一步。该研究院将聚焦石墨烯基础研究与产业化应用，整合国内外优质创新资源，打造集技术研发、成果转化、人才培养于一体的创新平台，推动石墨烯产业集聚发展，为我市新旧动能转换提供有力支撑。本报讯 记者 近日，全球石墨烯产业战略研究院正式落户青岛高新区，这标志着我市在新材料领域的产业布局又迈出了重要一步。该研究院将聚焦石墨烯基础研究与产业化应用，整合国内外优质创新资源，打造集技术研发、成果转化、人才培养于一体的创新平台，推动石墨烯产业集聚发展，为我市新旧动能转换提供有力支撑。本报讯 记者 近日，全球石墨烯产业战略研究院正式落户青岛高新区，这标志着我市在新材料领域的产业布局又迈出了重要一步。该研究院将聚焦石墨烯基础研究与产业化应用，整合国内外优质创新资源，打造集技术研发、成果转化、人才培养于一体的创新平台，推动石墨烯产业集聚发展，为我市新旧动能转换提供有力支撑。
本报讯 记者 近日，全球石墨烯产业战略研究院正式落户青岛高新区，这标志着我市在新材料领域的产业布局又迈出了重要一步。该研究院将聚焦石墨烯基础研究与产业化应用，整合国内外优质创新资源，打造集技术研发、成果转化、人才培养于一体的创新平台，推动石墨烯产业集聚发展，为我市新旧动能转换提供有力支撑。本报讯 记者 近日，全球石墨烯产业战略研究院正式落户青岛高新区，这标志着我市在新材料领域的产业布局又迈出了重要一步。该研究院将聚焦石墨烯基础研究与产业化应用，整合国内外优质创新资源，打造集技术研发、成果转化、人才培养于一体的创新平台，推动石墨烯产业集聚发展，为我市新旧动能转换提供有力支撑。本报讯 记者 近日，全球石墨烯产业战略研究院正式落户青岛高新区，这标志着我市在新材料领域的产业布局又迈出了重要一步。该研究院将聚焦石墨烯基础研究与产业化应用，整合国内外优质创新资源，打造集技术研发、成果转化、人才培养于一体的创新平台，推动石墨烯产业集聚发展，为我市新旧动能转换提供有力支撑。本报讯 记者 近日，全球石墨烯产业战略研究院正式落户青岛高新区，这标志着我市在新材料领域的产业布局又迈出了重要一步。该研究院将聚焦石墨烯基础研究与产业化应用，整合国内外优质创新资源，打造集技术研发、成果转化、人才培养于一体的创新平台，推动石墨烯产业集聚发展，为我市新旧动能转换提供有力支撑。本报讯 记者 近日，全球石墨烯产业战略研究院正式落户青岛高新区，这标志着我市在新材料领域的产业布局又迈出了重要一步。该研究院将聚焦石墨烯基础研究与产业化应用，整合国内外优质创新资源，打造集技术研发、成果转化、人才培养于一体的创新平台，推动石墨烯产业集聚发展，为我市新旧动能转换提供有力支撑。本报讯 记者 近日，全球石墨烯产业战略研究院正式落户青岛高新区，这标志着我市在新材料领域的产业布局又迈出了重要一步。该研究院将聚焦石墨烯基础研究与产业化应用，整合国内外优质创新资源，打造集技术研发、成果转化、人才培养于一体的创新平台，推动石墨烯产业集聚发展，为我市新旧动能转换提供有力支撑。
中俄“海上联合-2017”军演结束
本报讯 记者 近日，全球石墨烯产业战略研究院正式落户青岛高新区，这标志着我市在新材料领域的产业布局又迈出了重要一步。该研究院将聚焦石墨烯基础研究与产业化应用，整合国内外优质创新资源，打造集技术研发、成果转化、人才培养于一体的创新平台，推动石墨烯产业集聚发展，为我市新旧动能转换提供有力支撑。本报讯 记者 近日，全球石墨烯产业战略研究院正式落户青岛高新区，这标志着我市在新材料领域的产业布局又迈出了重要一步。该研究院将聚焦石墨烯基础研究与产业化应用，整合国内外优质创新资源，打造集技术研发、成果转化、人才培养于一体的创新平台，推动石墨烯产业集聚发展，为我市新旧动能转换提供有力支撑。本报讯 记者 近日，全球石墨烯产业战略研究院正式落户青岛高新区，这标志着我市在新材料领域的产业布局又迈出了重要一步。该研究院将聚焦石墨烯基础研究与产业化应用，整合国内外优质创新资源，打造集技术研发、成果转化、人才培养于一体的创新平台，推动石墨烯产业集聚发展，为我市新旧动能转换提供有力支撑。本报讯 记者 近日，全球石墨烯产业战略研究院正式落户青岛高新区，这标志着我市在新材料领域的产业布局又迈出了重要一步。该研究院将聚焦石墨烯基础研究与产业化应用，整合国内外优质创新资源，打造集技术研发、成果转化、人才培养于一体的创新平台，推动石墨烯产业集聚发展，为我市新旧动能转换提供有力支撑。本报讯 记者 近日，全球石墨烯产业战略研究院正式落户青岛高新区，这标志着我市在新材料领域的产业布局又迈出了重要一步。该研究院将聚焦石墨烯基础研究与产业化应用，整合国内外优质创新资源，打造集技术研发、成果转化、人才培养于一体的创新平台，推动石墨烯产业集聚发展，为我市新旧动能转换提供有力支撑。本报讯 记者 近日，全球石墨烯产业战略研究院正式落户青岛高新区，这标志着我市在新材料领域的产业布局又迈出了重要一步。该研究院将聚焦石墨烯基础研究与产业化应用，整合国内外优质创新资源，打造集技术研发、成果转化、人才培养于一体的创新平台，推动石墨烯产业集聚发展，为我市新旧动能转换提供有力支撑。
本报讯 记者 近日，全球石墨烯产业战略研究院正式落户青岛高新区，这标志着我市在新材料领域的产业布局又迈出了重要一步。该研究院将聚焦石墨烯基础研究与产业化应用，整合国内外优质创新资源，打造集技术研发、成果转化、人才培养于一体的创新平台，推动石墨烯产业集聚发展，为我市新旧动能转换提供有力支撑。本报讯 记者 近日，全球石墨烯产业战略研究院正式落户青岛高新区，这标志着我市在新材料领域的产业布局又迈出了重要一步。该研究院将聚焦石墨烯基础研究与产业化应用，整合国内外优质创新资源，打造集技术研发、成果转化、人才培养于一体的创新平台，推动石墨烯产业集聚发展，为我市新旧动能转换提供有力支撑。本报讯 记者 近日，全球石墨烯产业战略研究院正式落户青岛高新区，这标志着我市在新材料领域的产业布局又迈出了重要一步。该研究院将聚焦石墨烯基础研究与产业化应用，整合国内外优质创新资源，打造集技术研发、成果转化、人才培养于一体的创新平台，推动石墨烯产业集聚发展，为我市新旧动能转换提供有力支撑。本报讯 记者 近日，全球石墨烯产业战略研究院正式落户青岛高新区，这标志着我市在新材料领域的产业布局又迈出了重要一步。该研究院将聚焦石墨烯基础研究与产业化应用，整合国内外优质创新资源，打造集技术研发、成果转化、人才培养于一体的创新平台，推动石墨烯产业集聚发展，为我市新旧动能转换提供有力支撑。本报讯 记者 近日，全球石墨烯产业战略研究院正式落户青岛高新区，这标志着我市在新材料领域的产业布局又迈出了重要一步。该研究院将聚焦石墨烯基础研究与产业化应用，整合国内外优质创新资源，打造集技术研发、成果转化、人才培养于一体的创新平台，推动石墨烯产业集聚发展，为我市新旧动能转换提供有力支撑。本报讯 记者 近日，全球石墨烯产业战略研究院正式落户青岛高新区，这标志着我市在新材料领域的产业布局又迈出了重要一步。该研究院将聚焦石墨烯基础研究与产业化应用，整合国内外优质创新资源，打造集技术研发、成果转化、人才培养于一体的创新平台，推动石墨烯产业集聚发展，为我市新旧动能转换提供有力支撑。
本报讯 记者 近日，全球石墨烯产业战略研究院正式落户青岛高新区，这标志着我市在新材料领域的产业布局又迈出了重要一步。该研究院将聚焦石墨烯基础研究与产业化应用，整合国内外优质创新资源，打造集技术研发、成果转化、人才培养于一体的创新平台，推动石墨烯产业集聚发展，为我市新旧动能转换提供有力支撑。本报讯 记者 近日，全球石墨烯产业战略研究院正式落户青岛高新区，这标志着我市在新材料领域的产业布局又迈出了重要一步。该研究院将聚焦石墨烯基础研究与产业化应用，整合国内外优质创新资源，打造集技术研发、成果转化、人才培养于一体的创新平台，推动石墨烯产业集聚发展，为我市新旧动能转换提供有力支撑。本报讯 记者 近日，全球石墨烯产业战略研究院正式落户青岛高新区，这标志着我市在新材料领域的产业布局又迈出了重要一步。该研究院将聚焦石墨烯基础研究与产业化应用，整合国内外优质创新资源，打造集技术研发、成果转化、人才培养于一体的创新平台，推动石墨烯产业集聚发展，为我市新旧动能转换提供有力支撑。本报讯 记者 近日，全球石墨烯产业战略研究院正式落户青岛高新区，这标志着我市在新材料领域的产业布局又迈出了重要一步。该研究院将聚焦石墨烯基础研究与产业化应用，整合国内外优质创新资源，打造集技术研发、成果转化、人才培养于一体的创新平台，推动石墨烯产业集聚发展，为我市新旧动能转换提供有力支撑。本报讯 记者 近日，全球石墨烯产业战略研究院正式落户青岛高新区，这标志着我市在新材料领域的产业布局又迈出了重要一步。该研究院将聚焦石墨烯基础研究与产业化应用，整合国内外优质创新资源，打造集技术研发、成果转化、人才培养于一体的创新平台，推动石墨烯产业集聚发展，为我市新旧动能转换提供有力支撑。本报讯 记者 近日，全球石墨烯产业战略研究院正式落户青岛高新区，这标志着我市在新材料领域的产业布局又迈出了重要一步。该研究院将聚焦石墨烯基础研究与产业化应用，整合国内外优质创新资源，打造集技术研发、成果转化、人才培养于一体的创新平台，推动石墨烯产业集聚发展，为我市新旧动能转换提供有力支撑。
本报讯 记者 近日，全球石墨烯产业战略研究院正式落户青岛高新区，这标志着我市在新材料领域的产业布局又迈出了重要一步。该研究院将聚焦石墨烯基础研究与产业化应用，整合国内外优质创新资源，打造集技术研发、成果转化、人才培养于一体的创新平台，推动石墨烯产业集聚发展，为我市新旧动能转换提供有力支撑。本报讯 记者 近日，全球石墨烯产业战略研究院正式落户青岛高新区，这标志着我市在新材料领域的产业布局又迈出了重要一步。该研究院将聚焦石墨烯基础研究与产业化应用，整合国内外优质创新资源，打造集技术研发、成果转化、人才培养于一体的创新平台，推动石墨烯产业集聚发展，为我市新旧动能转换提供有力支撑。本报讯 记者 近日，全球石墨烯产业战略研究院正式落户青岛高新区，这标志着我市在新材料领域的产业布局又迈出了重要一步。该研究院将聚焦石墨烯基础研究与产业化应用，整合国内外优质创新资源，打造集技术研发、成果转化、人才培养于一体的创新平台，推动石墨烯产业集聚发展，为我市新旧动能转换提供有力支撑。本报讯 记者 近日，全球石墨烯产业战略研究院正式落户青岛高新区，这标志着我市在新材料领域的产业布局又迈出了重要一步。该研究院将聚焦石墨烯基础研究与产业化应用，整合国内外优质创新资源，打造集技术研发、成果转化、人才培养于一体的创新平台，推动石墨烯产业集聚发展，为我市新旧动能转换提供有力支撑。本报讯 记者 近日，全球石墨烯产业战略研究院正式落户青岛高新区，这标志着我市在新材料领域的产业布局又迈出了重要一步。该研究院将聚焦石墨烯基础研究与产业化应用，整合国内外优质创新资源，打造集技术研发、成果转化、人才培养于一体的创新平台，推动石墨烯产业集聚发展，为我市新旧动能转换提供有力支撑。本报讯 记者 近日，全球石墨烯产业战略研究院正式落户青岛高新区，这标志着我市在新材料领域的产业布局又迈出了重要一步。该研究院将聚焦石墨烯基础研究与产业化应用，整合国内外优质创新资源，打造集技术研发、成果转化、人才培养于一体的创新平台，推动石墨烯产业集聚发展，为我市新旧动能转换提供有力支撑。
青岛市近4万家企业
享海关汇总征税新政
本报讯 记者 近日，全球石墨烯产业战略研究院正式落户青岛高新区，这标志着我市在新材料领域的产业布局又迈出了重要一步。该研究院将聚焦石墨烯基础研究与产业化应用，整合国内外优质创新资源，打造集技术研发、成果转化、人才培养于一体的创新平台，推动石墨烯产业集聚发展，为我市新旧动能转换提供有力支撑。本报讯 记者 近日，全球石墨烯产业战略研究院正式落户青岛高新区，这标志着我市在新材料领域的产业布局又迈出了重要一步。该研究院将聚焦石墨烯基础研究与产业化应用，整合国内外优质创新资源，打造集技术研发、成果转化、人才培养于一体的创新平台，推动石墨烯产业集聚发展，为我市新旧动能转换提供有力支撑。本报讯 记者 近日，全球石墨烯产业战略研究院正式落户青岛高新区，这标志着我市在新材料领域的产业布局又迈出了重要一步。该研究院将聚焦石墨烯基础研究与产业化应用，整合国内外优质创新资源，打造集技术研发、成果转化、人才培养于一体的创新平台，推动石墨烯产业集聚发展，为我市新旧动能转换提供有力支撑。本报讯 记者 近日，全球石墨烯产业战略研究院正式落户青岛高新区，这标志着我市在新材料领域的产业布局又迈出了重要一步。该研究院将聚焦石墨烯基础研究与产业化应用，整合国内外优质创新资源，打造集技术研发、成果转化、人才培养于一体的创新平台，推动石墨烯产业集聚发展，为我市新旧动能转换提供有力支撑。本报讯 记者 近日，全球石墨烯产业战略研究院正式落户青岛高新区，这标志着我市在新材料领域的产业布局又迈出了重要一步。该研究院将聚焦石墨烯基础研究与产业化应用，整合国内外优质创新资源，打造集技术研发、成果转化、人才培养于一体的创新平台，推动石墨烯产业集聚发展，为我市新旧动能转换提供有力支撑。本报讯 记者 近日，全球石墨烯产业战略研究院正式落户青岛高新区，这标志着我市在新材料领域的产业布局又迈出了重要一步。该研究院将聚焦石墨烯基础研究与产业化应用，整合国内外优质创新资源，打造集技术研发、成果转化、人才培养于一体的创新平台，推动石墨烯产业集聚发展，为我市新旧动能转换提供有力支撑。
本报讯 记者 近日，全球石墨烯产业战略研究院正式落户青岛高新区，这标志着我市在新材料领域的产业布局又迈出了重要一步。该研究院将聚焦石墨烯基础研究与产业化应用，整合国内外优质创新资源，打造集技术研发、成果转化、人才培养于一体的创新平台，推动石墨烯产业集聚发展，为我市新旧动能转换提供有力支撑。本报讯 记者 近日，全球石墨烯产业战略研究院正式落户青岛高新区，这标志着我市在新材料领域的产业布局又迈出了重要一步。该研究院将聚焦石墨烯基础研究与产业化应用，整合国内外优质创新资源，打造集技术研发、成果转化、人才培养于一体的创新平台，推动石墨烯产业集聚发展，为我市新旧动能转换提供有力支撑。本报讯 记者 近日，全球石墨烯产业战略研究院正式落户青岛高新区，这标志着我市在新材料领域的产业布局又迈出了重要一步。该研究院将聚焦石墨烯基础研究与产业化应用，整合国内外优质创新资源，打造集技术研发、成果转化、人才培养于一体的创新平台，推动石墨烯产业集聚发展，为我市新旧动能转换提供有力支撑。本报讯 记者 近日，全球石墨烯产业战略研究院正式落户青岛高新区，这标志着我市在新材料领域的产业布局又迈出了重要一步。该研究院将聚焦石墨烯基础研究与产业化应用，整合国内外优质创新资源，打造集技术研发、成果转化、人才培养于一体的创新平台，推动石墨烯产业集聚发展，为我市新旧动能转换提供有力支撑。本报讯 记者 近日，全球石墨烯产业战略研究院正式落户青岛高新区，这标志着我市在新材料领域的产业布局又迈出了重要一步。该研究院将聚焦石墨烯基础研究与产业化应用，整合国内外优质创新资源，打造集技术研发、成果转化、人才培养于一体的创新平台，推动石墨烯产业集聚发展，为我市新旧动能转换提供有力支撑。本报讯 记者 近日，全球石墨烯产业战略研究院正式落户青岛高新区，这标志着我市在新材料领域的产业布局又迈出了重要一步。该研究院将聚焦石墨烯基础研究与产业化应用，整合国内外优质创新资源，打造集技术研发、成果转化、人才培养于一体的创新平台，推动石墨烯产业集聚发展，为我市新旧动能转换提供有力支撑。
本报讯 记者 近日，全球石墨烯产业战略研究院正式落户青岛高新区，这标志着我市在新材料领域的产业布局又迈出了重要一步。该研究院将聚焦石墨烯基础研究与产业化应用，整合国内外优质创新资源，打造集技术研发、成果转化、人才培养于一体的创新平台，推动石墨烯产业集聚发展，为我市新旧动能转换提供有力支撑。本报讯 记者 近日，全球石墨烯产业战略研究院正式落户青岛高新区，这标志着我市在新材料领域的产业布局又迈出了重要一步。该研究院将聚焦石墨烯基础研究与产业化应用，整合国内外优质创新资源，打造集技术研发、成果转化、人才培养于一体的创新平台，推动石墨烯产业集聚发展，为我市新旧动能转换提供有力支撑。本报讯 记者 近日，全球石墨烯产业战略研究院正式落户青岛高新区，这标志着我市在新材料领域的产业布局又迈出了重要一步。该研究院将聚焦石墨烯基础研究与产业化应用，整合国内外优质创新资源，打造集技术研发、成果转化、人才培养于一体的创新平台，推动石墨烯产业集聚发展，为我市新旧动能转换提供有力支撑。本报讯 记者 近日，全球石墨烯产业战略研究院正式落户青岛高新区，这标志着我市在新材料领域的产业布局又迈出了重要一步。该研究院将聚焦石墨烯基础研究与产业化应用，整合国内外优质创新资源，打造集技术研发、成果转化、人才培养于一体的创新平台，推动石墨烯产业集聚发展，为我市新旧动能转换提供有力支撑。本报讯 记者 近日，全球石墨烯产业战略研究院正式落户青岛高新区，这标志着我市在新材料领域的产业布局又迈出了重要一步。该研究院将聚焦石墨烯基础研究与产业化应用，整合国内外优质创新资源，打造集技术研发、成果转化、人才培养于一体的创新平台，推动石墨烯产业集聚发展，为我市新旧动能转换提供有力支撑。本报讯 记者 近日，全球石墨烯产业战略研究院正式落户青岛高新区，这标志着我市在新材料领域的产业布局又迈出了重要一步。该研究院将聚焦石墨烯基础研究与产业化应用，整合国内外优质创新资源，打造集技术研发、成果转化、人才培养于一体的创新平台，推动石墨烯产业集聚发展，为我市新旧动能转换提供有力支撑。
本报讯 记者 近日，全球石墨烯产业战略研究院正式落户青岛高新区，这标志着我市在新材料领域的产业布局又迈出了重要一步。该研究院将聚焦石墨烯基础研究与产业化应用，整合国内外优质创新资源，打造集技术研发、成果转化、人才培养于一体的创新平台，推动石墨烯产业集聚发展，为我市新旧动能转换提供有力支撑。本报讯 记者 近日，全球石墨烯产业战略研究院正式落户青岛高新区，这标志着我市在新材料领域的产业布局又迈出了重要一步。该研究院将聚焦石墨烯基础研究与产业化应用，整合国内外优质创新资源，打造集技术研发、成果转化、人才培养于一体的创新平台，推动石墨烯产业集聚发展，为我市新旧动能转换提供有力支撑。本报讯 记者 近日，全球石墨烯产业战略研究院正式落户青岛高新区，这标志着我市在新材料领域的产业布局又迈出了重要一步。该研究院将聚焦石墨烯基础研究与产业化应用，整合国内外优质创新资源，打造集技术研发、成果转化、人才培养于一体的创新平台，推动石墨烯产业集聚发展，为我市新旧动能转换提供有力支撑。本报讯 记者 近日，全球石墨烯产业战略研究院正式落户青岛高新区，这标志着我市在新材料领域的产业布局又迈出了重要一步。该研究院将聚焦石墨烯基础研究与产业化应用，整合国内外优质创新资源，打造集技术研发、成果转化、人才培养于一体的创新平台，推动石墨烯产业集聚发展，为我市新旧动能转换提供有力支撑。本报讯 记者 近日，全球石墨烯产业战略研究院正式落户青岛高新区，这标志着我市在新材料领域的产业布局又迈出了重要一步。该研究院将聚焦石墨烯基础研究与产业化应用，整合国内外优质创新资源，打造集技术研发、成果转化、人才培养于一体的创新平台，推动石墨烯产业集聚发展，为我市新旧动能转换提供有力支撑。本报讯 记者 近日，全球石墨烯产业战略研究院正式落户青岛高新区，这标志着我市在新材料领域的产业布局又迈出了重要一步。该研究院将聚焦石墨烯基础研究与产业化应用，整合国内外优质创新资源，打造集技术研发、成果转化、人才培养于一体的创新平台，推动石墨烯产业集聚发展，为我市新旧动能转换提供有力支撑。
